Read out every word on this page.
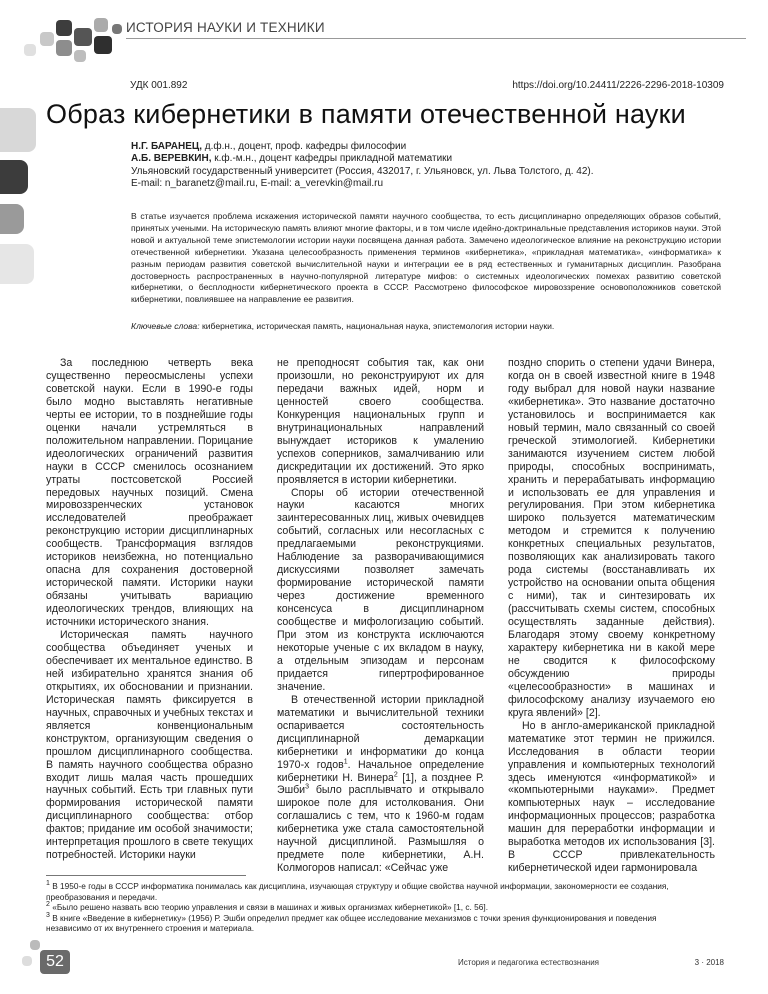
ИСТОРИЯ НАУКИ И ТЕХНИКИ
УДК 001.892	https://doi.org/10.24411/2226-2296-2018-10309
Образ кибернетики в памяти отечественной науки
Н.Г. БАРАНЕЦ, д.ф.н., доцент, проф. кафедры философии
А.Б. ВЕРЕВКИН, к.ф.-м.н., доцент кафедры прикладной математики
Ульяновский государственный университет (Россия, 432017, г. Ульяновск, ул. Льва Толстого, д. 42).
E-mail: n_baranetz@mail.ru, E-mail: a_verevkin@mail.ru

В статье изучается проблема искажения исторической памяти научного сообщества, то есть дисциплинарно определяющих образов событий, принятых учеными. На историческую память влияют многие факторы, и в том числе идейно-доктринальные представления историков науки. Этой новой и актуальной теме эпистемологии истории науки посвящена данная работа. Замечено идеологическое влияние на реконструкцию истории отечественной кибернетики. Указана целесообразность применения терминов «кибернетика», «прикладная математика», «информатика» к разным периодам развития советской вычислительной науки и интеграции ее в ряд естественных и гуманитарных дисциплин. Разобрана достоверность распространенных в научно-популярной литературе мифов: о системных идеологических помехах развитию советской кибернетики, о бесплодности кибернетического проекта в СССР. Рассмотрено философское мировоззрение основоположников советской кибернетики, повлиявшее на направление ее развития.

Ключевые слова: кибернетика, историческая память, национальная наука, эпистемология истории науки.

За последнюю четверть века существенно переосмыслены успехи советской науки. Если в 1990-е годы было модно выставлять негативные черты ее истории, то в позднейшие годы оценки начали устремляться в положительном направлении. Порицание идеологических ограничений развития науки в СССР сменилось осознанием утраты постсоветской Россией передовых научных позиций. Смена мировоззренческих установок исследователей преображает реконструкцию истории дисциплинарных сообществ. Трансформация взглядов историков неизбежна, но потенциально опасна для сохранения достоверной исторической памяти. Историки науки обязаны учитывать вариацию идеологических трендов, влияющих на источники исторического знания.

Историческая память научного сообщества объединяет ученых и обеспечивает их ментальное единство. В ней избирательно хранятся знания об открытиях, их обосновании и признании. Историческая память фиксируется в научных, справочных и учебных текстах и является конвенциональным конструктом, организующим сведения о прошлом дисциплинарного сообщества. В память научного сообщества образно входит лишь малая часть прошедших научных событий. Есть три главных пути формирования исторической памяти дисциплинарного сообщества: отбор фактов; придание им особой значимости; интерпретация прошлого в свете текущих потребностей. Историки науки

не преподносят события так, как они произошли, но реконструируют их для передачи важных идей, норм и ценностей своего сообщества. Конкуренция национальных групп и внутринациональных направлений вынуждает историков к умалению успехов соперников, замалчиванию или дискредитации их достижений. Это ярко проявляется в истории кибернетики.

Споры об истории отечественной науки касаются многих заинтересованных лиц, живых очевидцев событий, согласных или несогласных с предлагаемыми реконструкциями. Наблюдение за разворачивающимися дискуссиями позволяет замечать формирование исторической памяти через достижение временного консенсуса в дисциплинарном сообществе и мифологизацию событий. При этом из конструкта исключаются некоторые ученые с их вкладом в науку, а отдельным эпизодам и персонам придается гипертрофированное значение.

В отечественной истории прикладной математики и вычислительной техники оспаривается состоятельность дисциплинарной демаркации кибернетики и информатики до конца 1970-х годов$^1$. Начальное определение кибернетики Н. Винера$^2$ [1], а позднее Р. Эшби$^3$ было расплывчато и открывало широкое поле для истолкования. Они соглашались с тем, что к 1960-м годам кибернетика уже стала самостоятельной научной дисциплиной. Размышляя о предмете поле кибернетики, А.Н. Колмогоров написал: «Сейчас уже

поздно спорить о степени удачи Винера, когда он в своей известной книге в 1948 году выбрал для новой науки название «кибернетика». Это название достаточно установилось и воспринимается как новый термин, мало связанный со своей греческой этимологией. Кибернетики занимаются изучением систем любой природы, способных воспринимать, хранить и перерабатывать информацию и использовать ее для управления и регулирования. При этом кибернетика широко пользуется математическим методом и стремится к получению конкретных специальных результатов, позволяющих как анализировать такого рода системы (восстанавливать их устройство на основании опыта общения с ними), так и синтезировать их (рассчитывать схемы систем, способных осуществлять заданные действия). Благодаря этому своему конкретному характеру кибернетика ни в какой мере не сводится к философскому обсуждению природы «целесообразности» в машинах и философскому анализу изучаемого ею круга явлений» [2].

Но в англо-американской прикладной математике этот термин не прижился. Исследования в области теории управления и компьютерных технологий здесь именуются «информатикой» и «компьютерными науками». Предмет компьютерных наук – исследование информационных процессов; разработка машин для переработки информации и выработка методов их использования [3]. В СССР привлекательность кибернетической идеи гармонировала

$^1$ В 1950-е годы в СССР информатика понималась как дисциплина, изучающая структуру и общие свойства научной информации, закономерности ее создания, преобразования и передачи.

$^2$ «Было решено назвать всю теорию управления и связи в машинах и живых организмах кибернетикой» [1, с. 56].

$^3$ В книге «Введение в кибернетику» (1956) Р. Эшби определил предмет как общее исследование механизмов с точки зрения функционирования и поведения независимо от их внутреннего строения и материала.

52	История и педагогика естествознания	3 · 2018
